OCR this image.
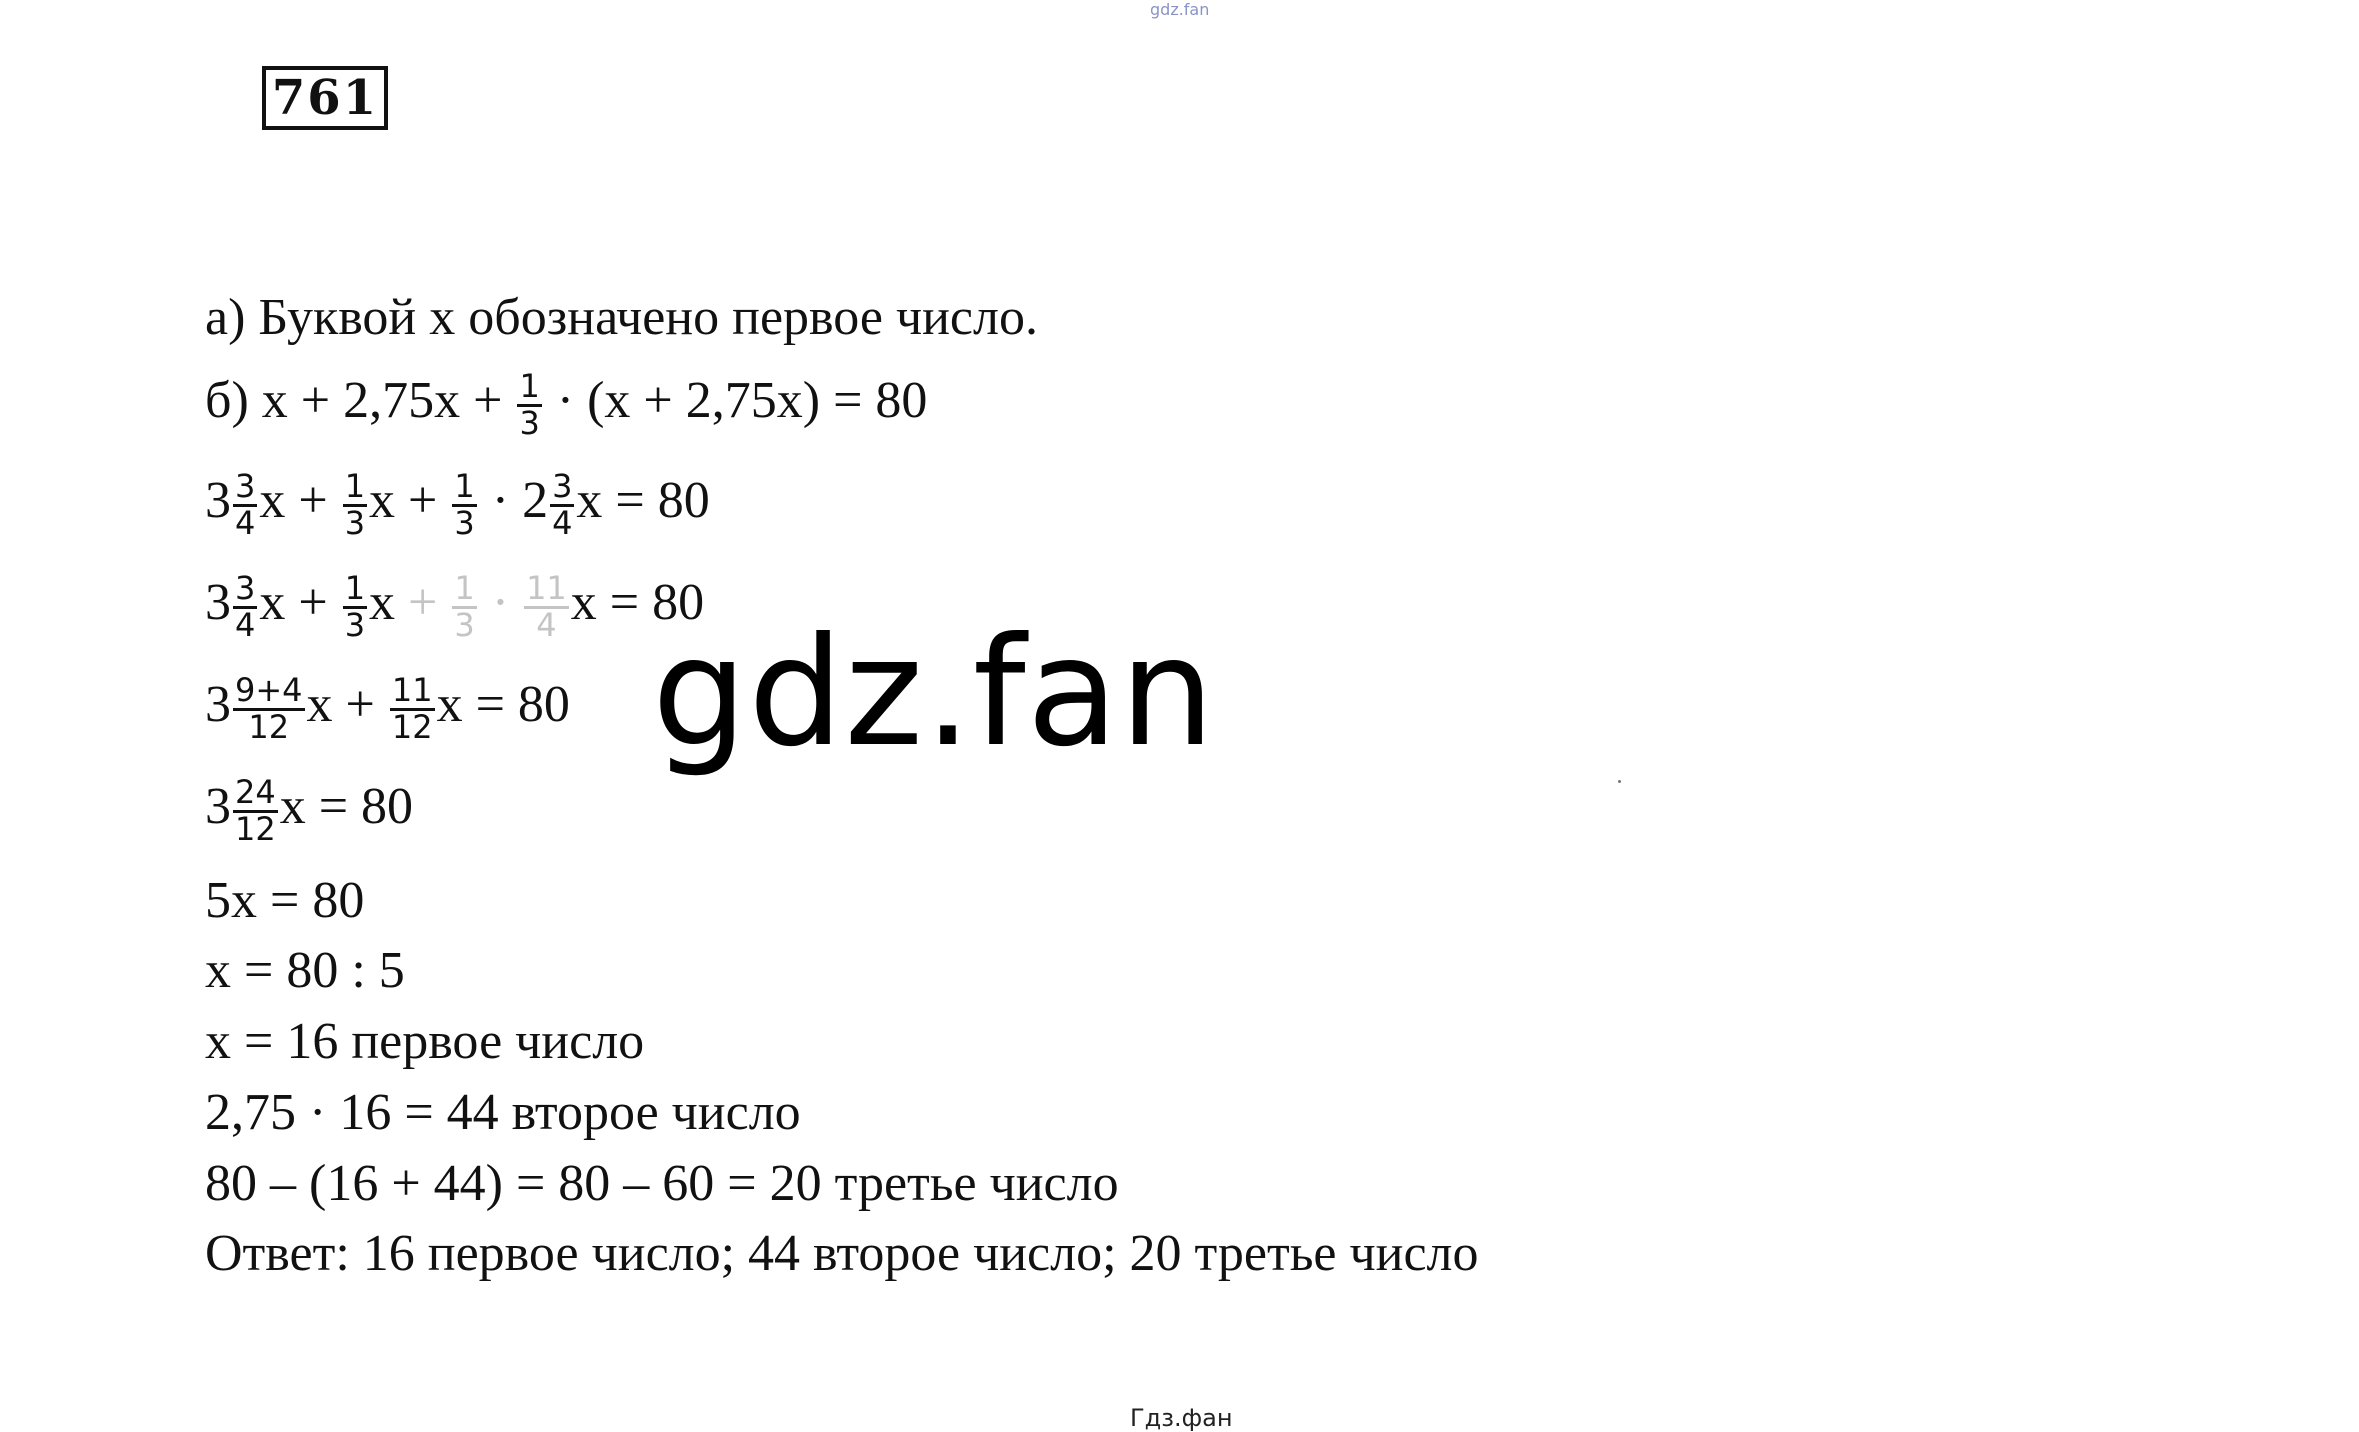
gdz.fan
761
а) Буквой x обозначено первое число.
б) $x + 2,75x + \frac{1}{3} \cdot (x + 2,75x) = 80$
$3 \frac{3}{4}$ $x + \frac{1}{3}$ $x + \frac{1}{3} \cdot 2 \frac{3}{4}$ x = 80
$3 \frac{3}{4}$ $x + \frac{1}{3}$ $x + \frac{1}{3} \cdot \frac{11}{4}$ x = 80
$3 \frac{9+4}{12}$ $x + \frac{11}{12}$ x = 80
$3 \frac{24}{12}$ x = 80
5x = 80
x = 80 : 5
x = 16 первое число
2,75 · 16 = 44 второе число
80 – (16 + 44) = 80 – 60 = 20 третье число
Ответ: 16 первое число; 44 второе число; 20 третье число
gdz.fan
Гдз.фан
